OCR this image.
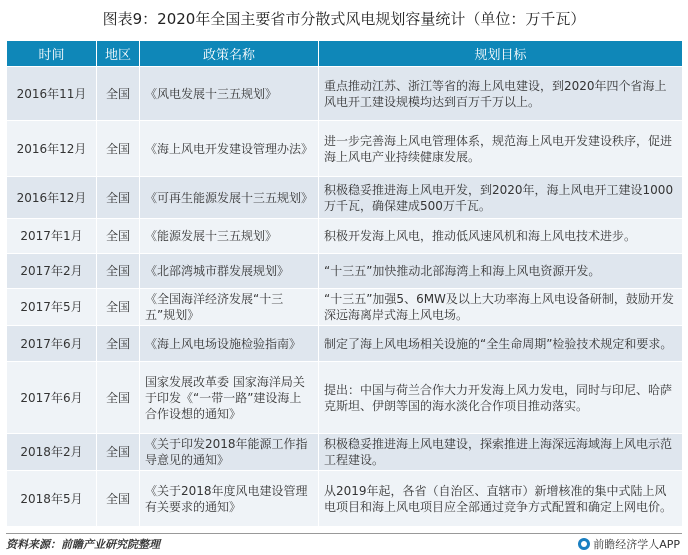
图表9：2020年全国主要省市分散式风电规划容量统计（单位：万千瓦）
时间	地区	政策名称	规划目标
2016年11月	全国	《风电发展十三五规划》	重点推动江苏、浙江等省的海上风电建设，到2020年四个省海上风电开工建设规模均达到百万千万以上。
2016年12月	全国	《海上风电开发建设管理办法》	进一步完善海上风电管理体系，规范海上风电开发建设秩序，促进海上风电产业持续健康发展。
2016年12月	全国	《可再生能源发展十三五规划》	积极稳妥推进海上风电开发，到2020年，海上风电开工建设1000万千瓦，确保建成500万千瓦。
2017年1月	全国	《能源发展十三五规划》	积极开发海上风电，推动低风速风机和海上风电技术进步。
2017年2月	全国	《北部湾城市群发展规划》	“十三五”加快推动北部海湾上和海上风电资源开发。
2017年5月	全国	《全国海洋经济发展“十三五”规划》	“十三五”加强5、6MW及以上大功率海上风电设备研制，鼓励开发深远海离岸式海上风电场。
2017年6月	全国	《海上风电场设施检验指南》	制定了海上风电场相关设施的“全生命周期”检验技术规定和要求。
2017年6月	全国	国家发展改革委 国家海洋局关于印发《“一带一路”建设海上合作设想的通知》	提出：中国与荷兰合作大力开发海上风力发电，同时与印尼、哈萨克斯坦、伊朗等国的海水淡化合作项目推动落实。
2018年2月	全国	《关于印发2018年能源工作指导意见的通知》	积极稳妥推进海上风电建设，探索推进上海深远海域海上风电示范工程建设。
2018年5月	全国	《关于2018年度风电建设管理有关要求的通知》	从2019年起，各省（自治区、直辖市）新增核准的集中式陆上风电项目和海上风电项目应全部通过竞争方式配置和确定上网电价。
资料来源：前瞻产业研究院整理	前瞻经济学人APP
